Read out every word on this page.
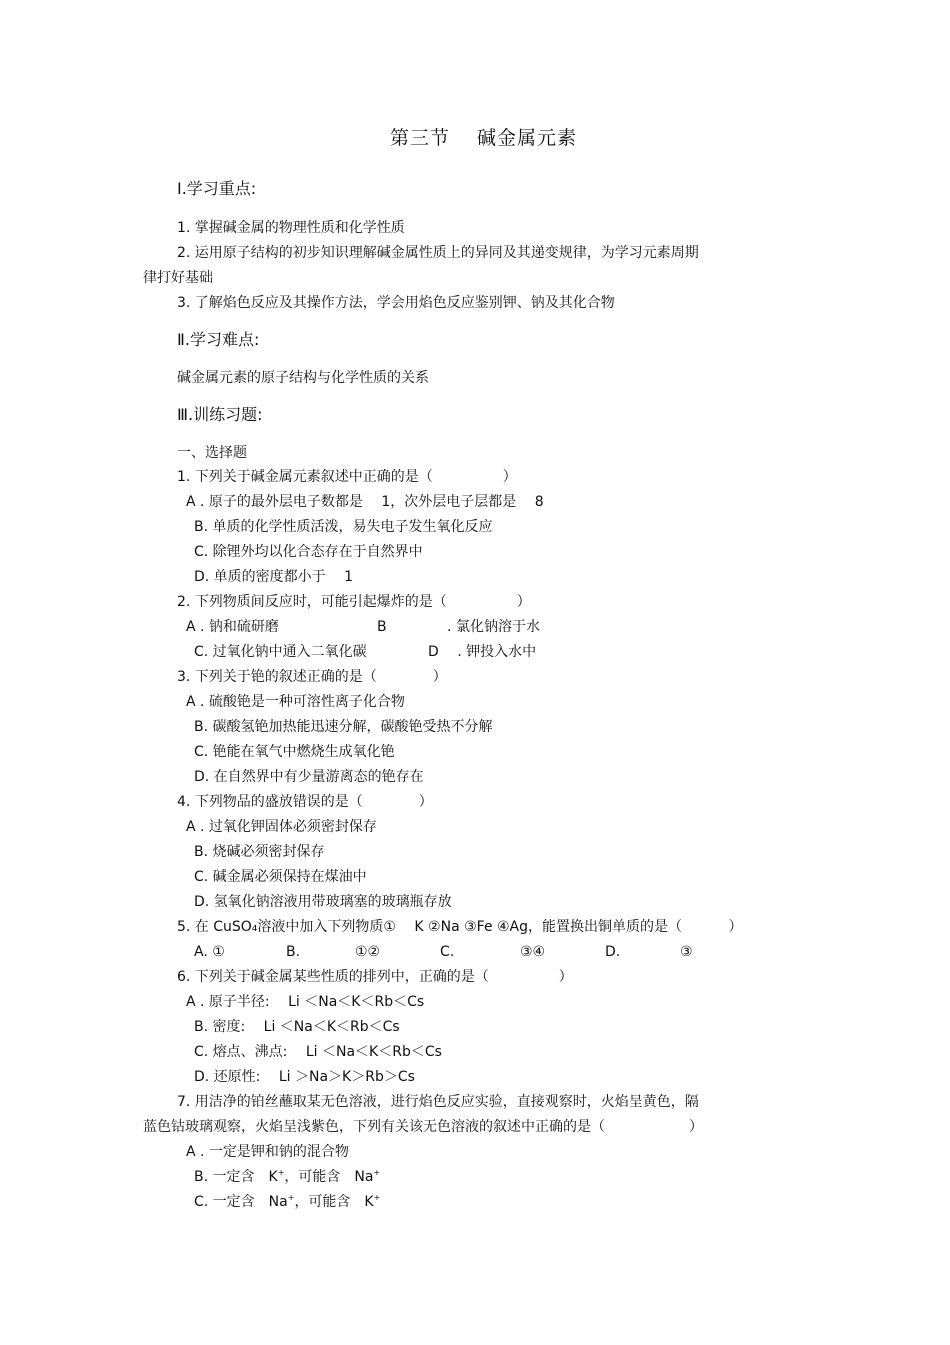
第三节　 碱金属元素
Ⅰ.学习重点:
1. 掌握碱金属的物理性质和化学性质
2. 运用原子结构的初步知识理解碱金属性质上的异同及其递变规律，为学习元素周期
律打好基础
3. 了解焰色反应及其操作方法，学会用焰色反应鉴别钾、钠及其化合物
Ⅱ.学习难点:
碱金属元素的原子结构与化学性质的关系
Ⅲ.训练习题:
一、选择题
1. 下列关于碱金属元素叙述中正确的是（　　　　　）
A . 原子的最外层电子数都是　 1，次外层电子层都是　 8
B. 单质的化学性质活泼，易失电子发生氧化反应
C. 除锂外均以化合态存在于自然界中
D. 单质的密度都小于　 1
2. 下列物质间反应时，可能引起爆炸的是（　　　　　）
A . 钠和硫研磨	B　　　　 . 氯化钠溶于水
C. 过氧化钠中通入二氧化碳	D　 . 钾投入水中
3. 下列关于铯的叙述正确的是（　　　　）
A . 硫酸铯是一种可溶性离子化合物
B. 碳酸氢铯加热能迅速分解，碳酸铯受热不分解
C. 铯能在氧气中燃烧生成氧化铯
D. 在自然界中有少量游离态的铯存在
4. 下列物品的盛放错误的是（　　　　）
A . 过氧化钾固体必须密封保存
B. 烧碱必须密封保存
C. 碱金属必须保持在煤油中
D. 氢氧化钠溶液用带玻璃塞的玻璃瓶存放
5. 在 CuSO₄溶液中加入下列物质①　 K ②Na ③Fe ④Ag，能置换出铜单质的是（　　　 ）
A. ①	B.	①②	C.	③④	D.	③
6. 下列关于碱金属某些性质的排列中，正确的是（　　　　　）
A . 原子半径:　 Li ＜Na＜K＜Rb＜Cs
B. 密度:　 Li ＜Na＜K＜Rb＜Cs
C. 熔点、沸点:　 Li ＜Na＜K＜Rb＜Cs
D. 还原性:　 Li ＞Na＞K＞Rb＞Cs
7. 用洁净的铂丝蘸取某无色溶液，进行焰色反应实验，直接观察时，火焰呈黄色，隔
蓝色钴玻璃观察，火焰呈浅紫色，下列有关该无色溶液的叙述中正确的是（　　　　　　）
A . 一定是钾和钠的混合物
B. 一定含　K+，可能含　Na+
C. 一定含　Na+，可能含　K+
